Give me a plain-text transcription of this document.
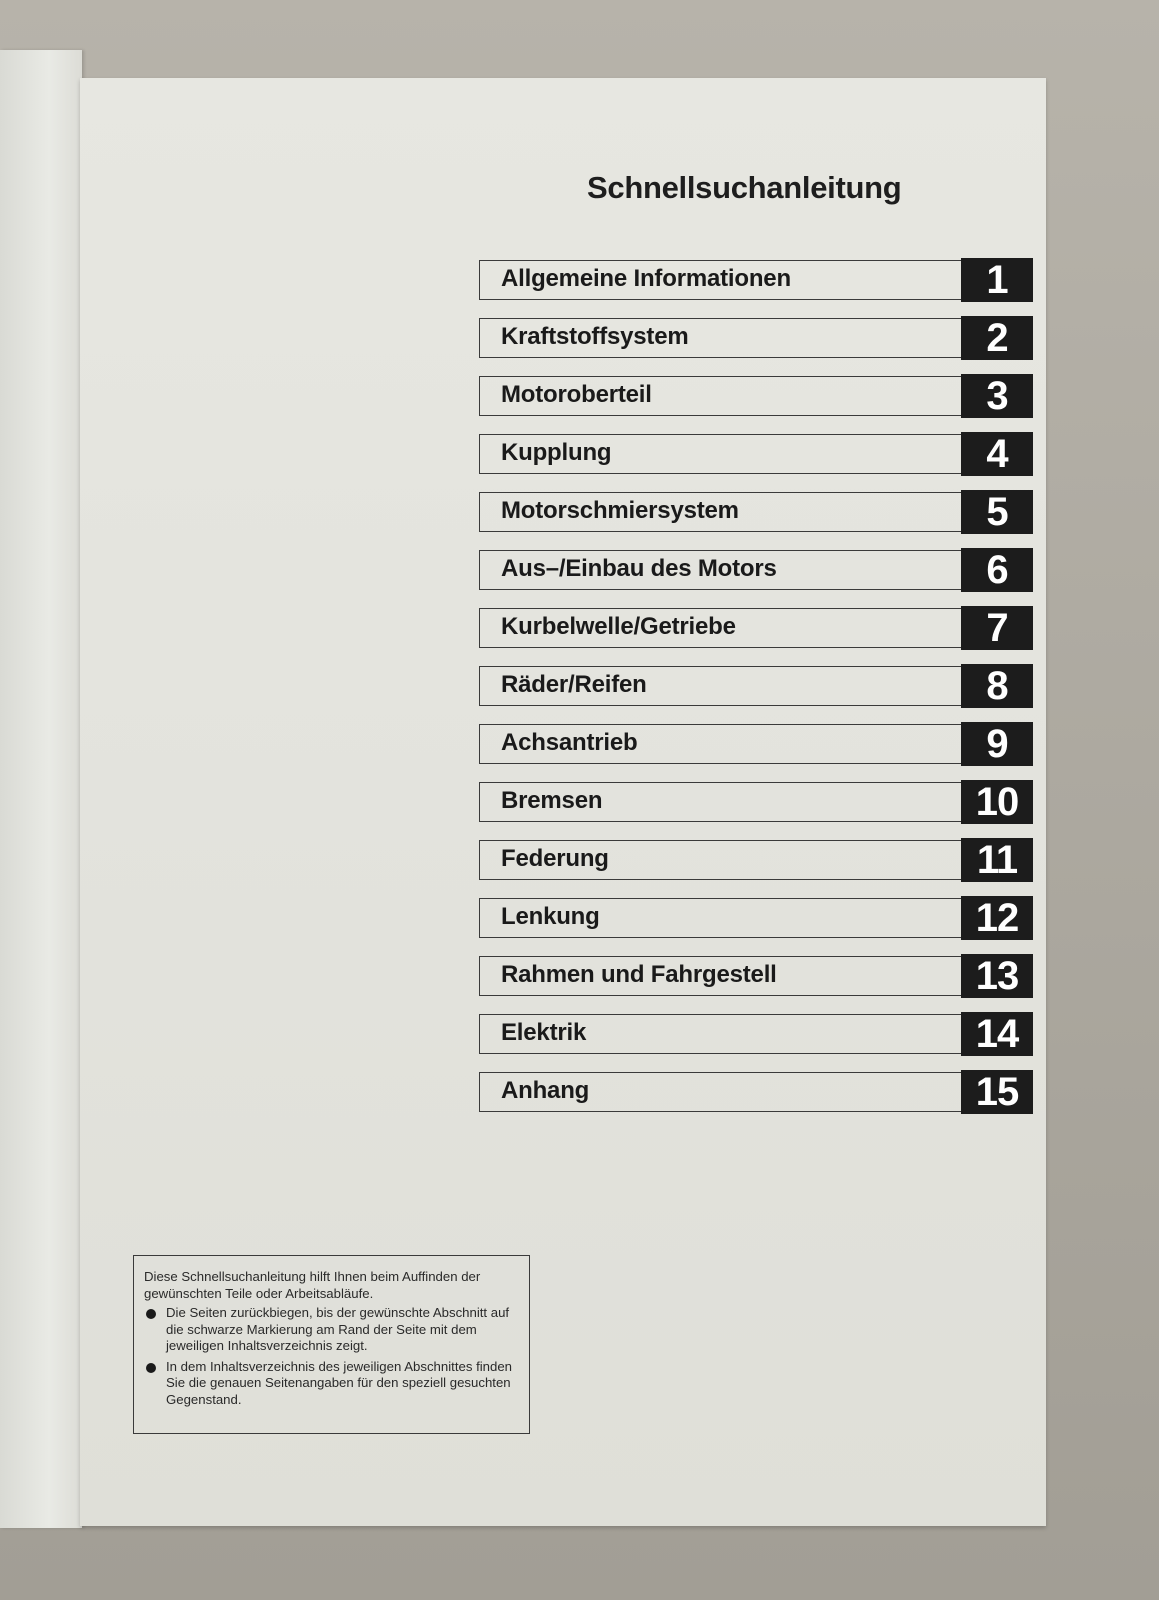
Schnellsuchanleitung
Allgemeine Informationen	1
Kraftstoffsystem	2
Motoroberteil	3
Kupplung	4
Motorschmiersystem	5
Aus–/Einbau des Motors	6
Kurbelwelle/Getriebe	7
Räder/Reifen	8
Achsantrieb	9
Bremsen	10
Federung	11
Lenkung	12
Rahmen und Fahrgestell	13
Elektrik	14
Anhang	15

Diese Schnellsuchanleitung hilft Ihnen beim Auffinden der gewünschten Teile oder Arbeitsabläufe.

Die Seiten zurückbiegen, bis der gewünschte Abschnitt auf die schwarze Markierung am Rand der Seite mit dem jeweiligen Inhaltsverzeichnis zeigt.
In dem Inhaltsverzeichnis des jeweiligen Abschnittes finden Sie die genauen Seitenangaben für den speziell gesuchten Gegenstand.
